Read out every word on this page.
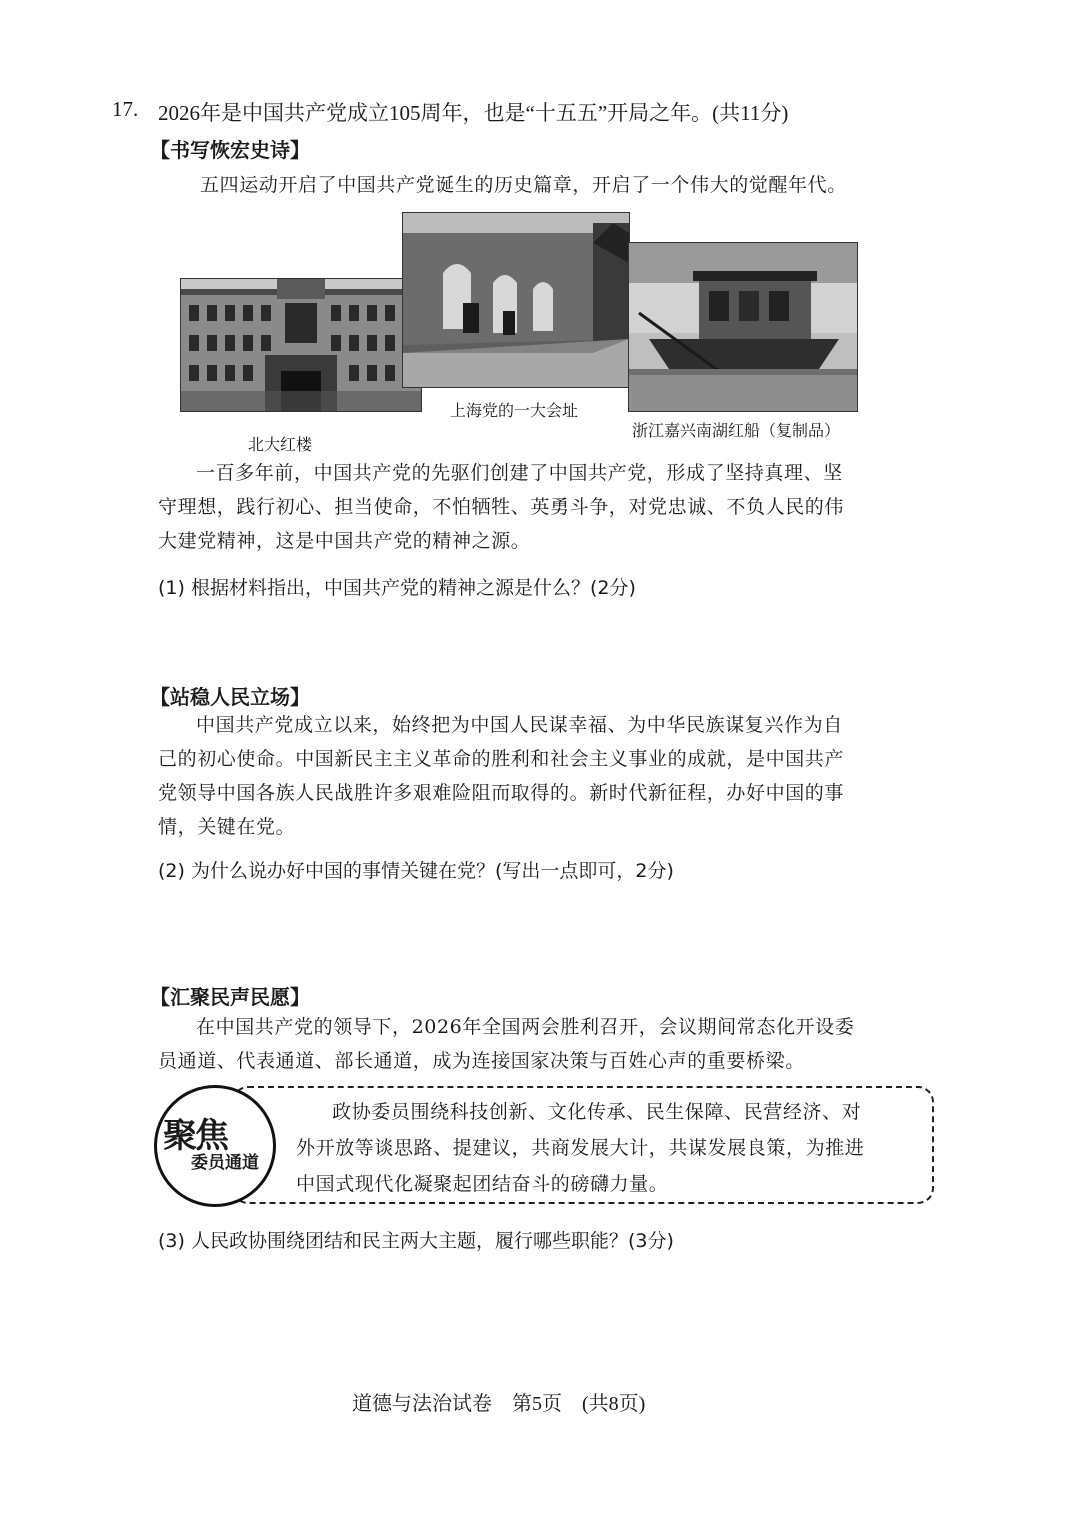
17. 2026年是中国共产党成立105周年，也是“十五五”开局之年。(共11分)
【书写恢宏史诗】
五四运动开启了中国共产党诞生的历史篇章，开启了一个伟大的觉醒年代。
北大红楼
上海党的一大会址
浙江嘉兴南湖红船（复制品）

一百多年前，中国共产党的先驱们创建了中国共产党，形成了坚持真理、坚

守理想，践行初心、担当使命，不怕牺牲、英勇斗争，对党忠诚、不负人民的伟

大建党精神，这是中国共产党的精神之源。

(1) 根据材料指出，中国共产党的精神之源是什么？(2分)
【站稳人民立场】

中国共产党成立以来，始终把为中国人民谋幸福、为中华民族谋复兴作为自

己的初心使命。中国新民主主义革命的胜利和社会主义事业的成就，是中国共产

党领导中国各族人民战胜许多艰难险阻而取得的。新时代新征程，办好中国的事

情，关键在党。

(2) 为什么说办好中国的事情关键在党？(写出一点即可，2分)
【汇聚民声民愿】

在中国共产党的领导下，2026年全国两会胜利召开，会议期间常态化开设委

员通道、代表通道、部长通道，成为连接国家决策与百姓心声的重要桥梁。

聚焦
委员通道

政协委员围绕科技创新、文化传承、民生保障、民营经济、对

外开放等谈思路、提建议，共商发展大计，共谋发展良策，为推进

中国式现代化凝聚起团结奋斗的磅礴力量。

(3) 人民政协围绕团结和民主两大主题，履行哪些职能？(3分)
道德与法治试卷　第5页　(共8页)
